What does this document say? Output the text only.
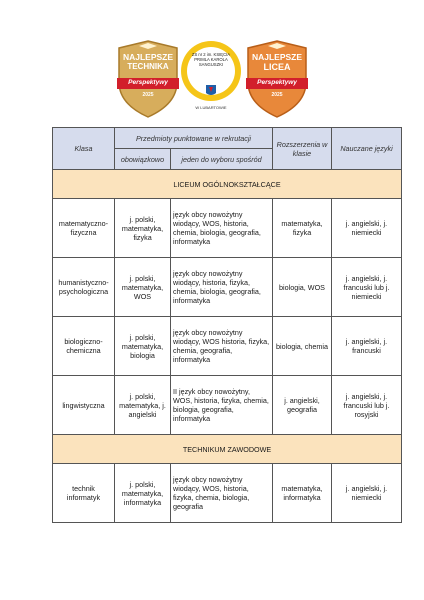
NAJLEPSZE
TECHNIKA
Perspektywy
2025
ZS nr 2 im. KSIĘCIA PRIMLA KAROLA SANGUSZKI
W LUBARTOWIE
NAJLEPSZE
LICEA
Perspektywy
2025
Klasa	Przedmioty punktowane w rekrutacji		Rozszerzenia w klasie	Nauczane języki
	obowiązkowo	jeden do wyboru spośród		
LICEUM OGÓLNOKSZTAŁCĄCE				
matematyczno-fizyczna	j. polski, matematyka, fizyka	język obcy nowożytny wiodący, WOS, historia, chemia, biologia, geografia, informatyka	matematyka, fizyka	j. angielski, j. niemiecki
humanistyczno-psychologiczna	j. polski, matematyka, WOS	język obcy nowożytny wiodący, historia, fizyka, chemia, biologia, geografia, informatyka	biologia, WOS	j. angielski, j. francuski lub j. niemiecki
biologiczno-chemiczna	j. polski, matematyka, biologia	język obcy nowożytny wiodący, WOS historia, fizyka, chemia, geografia, informatyka	biologia, chemia	j. angielski, j. francuski
lingwistyczna	j. polski, matematyka, j. angielski	II język obcy nowożytny, WOS, historia, fizyka, chemia, biologia, geografia, informatyka	j. angielski, geografia	j. angielski, j. francuski lub j. rosyjski
TECHNIKUM ZAWODOWE				
technik informatyk	j. polski, matematyka, informatyka	język obcy nowożytny wiodący, WOS, historia, fizyka, chemia, biologia, geografia	matematyka, informatyka	j. angielski, j. niemiecki
